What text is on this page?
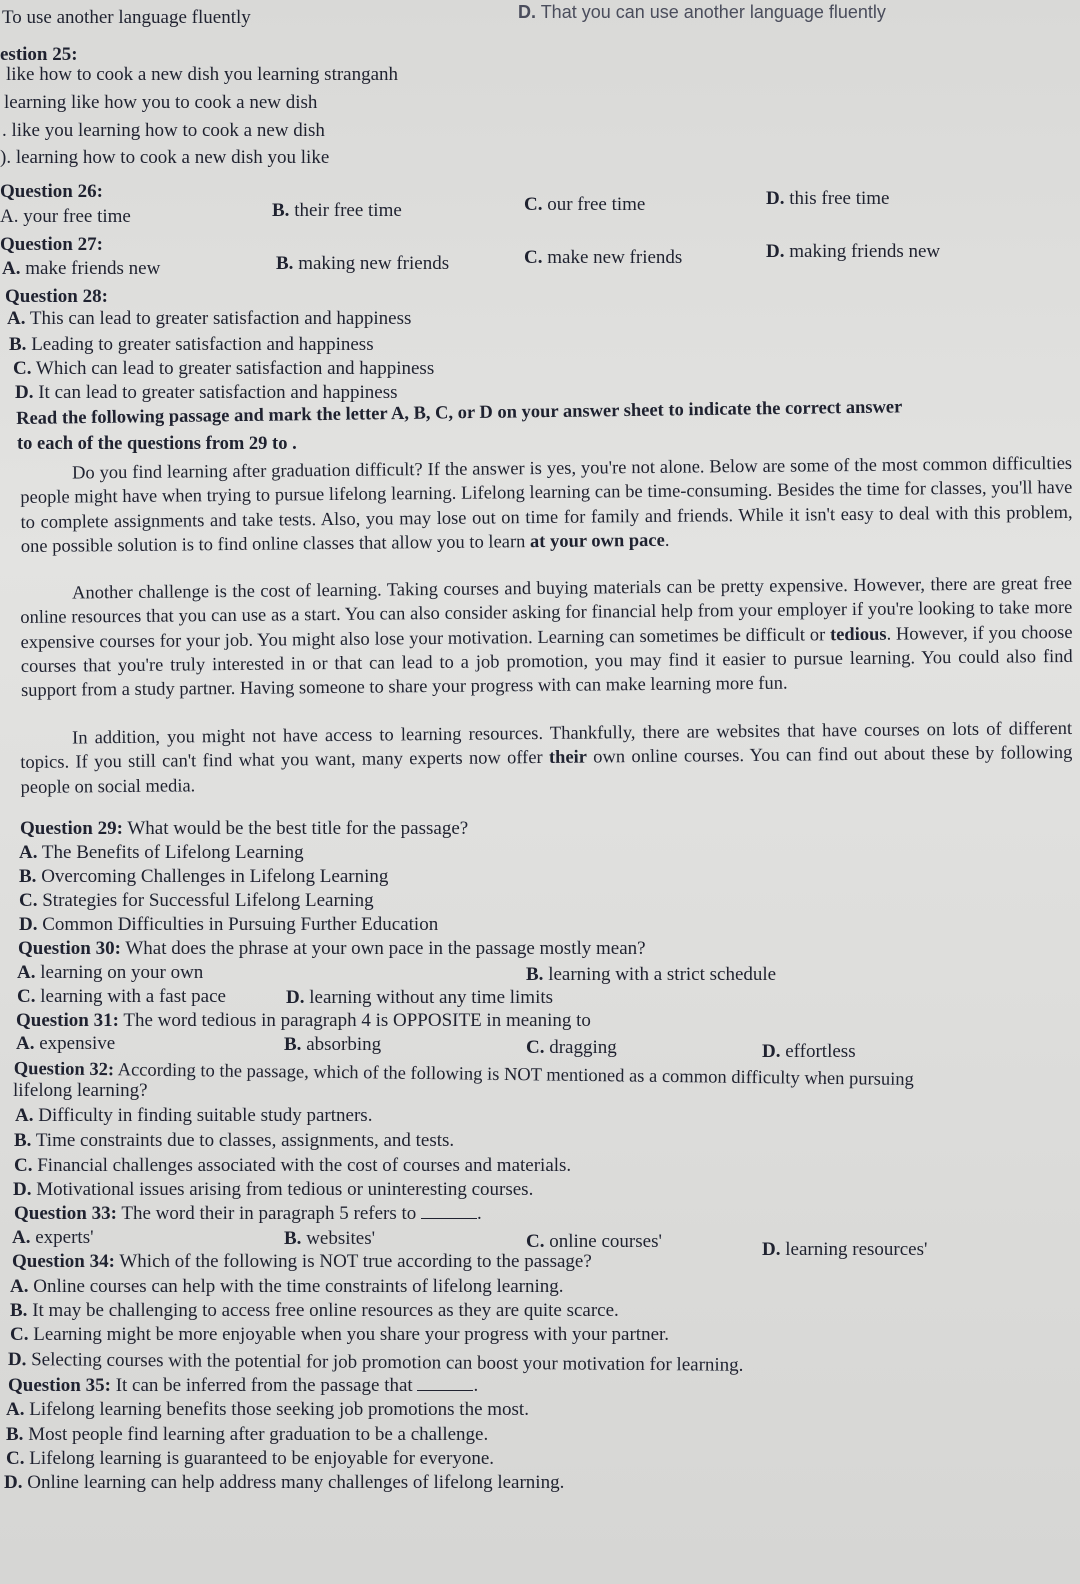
To use another language fluently	D. That you can use another language fluently
estion 25:
like how to cook a new dish you learning stranganh
learning like how you to cook a new dish
. like you learning how to cook a new dish
). learning how to cook a new dish you like
Question 26:
A. your free time	B. their free time	C. our free time	D. this free time
Question 27:
A. make friends new	B. making new friends	C. make new friends	D. making friends new
Question 28:
A. This can lead to greater satisfaction and happiness
B. Leading to greater satisfaction and happiness
C. Which can lead to greater satisfaction and happiness
D. It can lead to greater satisfaction and happiness
Read the following passage and mark the letter A, B, C, or D on your answer sheet to indicate the correct answer
to each of the questions from 29 to .
Do you find learning after graduation difficult? If the answer is yes, you're not alone. Below are some of the most common difficulties people might have when trying to pursue lifelong learning. Lifelong learning can be time-consuming. Besides the time for classes, you'll have to complete assignments and take tests. Also, you may lose out on time for family and friends. While it isn't easy to deal with this problem, one possible solution is to find online classes that allow you to learn at your own pace.
Another challenge is the cost of learning. Taking courses and buying materials can be pretty expensive. However, there are great free online resources that you can use as a start. You can also consider asking for financial help from your employer if you're looking to take more expensive courses for your job. You might also lose your motivation. Learning can sometimes be difficult or tedious. However, if you choose courses that you're truly interested in or that can lead to a job promotion, you may find it easier to pursue learning. You could also find support from a study partner. Having someone to share your progress with can make learning more fun.
In addition, you might not have access to learning resources. Thankfully, there are websites that have courses on lots of different topics. If you still can't find what you want, many experts now offer their own online courses. You can find out about these by following people on social media.
Question 29: What would be the best title for the passage?
A. The Benefits of Lifelong Learning
B. Overcoming Challenges in Lifelong Learning
C. Strategies for Successful Lifelong Learning
D. Common Difficulties in Pursuing Further Education
Question 30: What does the phrase at your own pace in the passage mostly mean?
A. learning on your own	B. learning with a strict schedule
C. learning with a fast pace	D. learning without any time limits
Question 31: The word tedious in paragraph 4 is OPPOSITE in meaning to
A. expensive	B. absorbing	C. dragging	D. effortless
Question 32: According to the passage, which of the following is NOT mentioned as a common difficulty when pursuing
lifelong learning?
A. Difficulty in finding suitable study partners.
B. Time constraints due to classes, assignments, and tests.
C. Financial challenges associated with the cost of courses and materials.
D. Motivational issues arising from tedious or uninteresting courses.
Question 33: The word their in paragraph 5 refers to	.
A. experts'	B. websites'	C. online courses'	D. learning resources'
Question 34: Which of the following is NOT true according to the passage?
A. Online courses can help with the time constraints of lifelong learning.
B. It may be challenging to access free online resources as they are quite scarce.
C. Learning might be more enjoyable when you share your progress with your partner.
D. Selecting courses with the potential for job promotion can boost your motivation for learning.
Question 35: It can be inferred from the passage that	.
A. Lifelong learning benefits those seeking job promotions the most.
B. Most people find learning after graduation to be a challenge.
C. Lifelong learning is guaranteed to be enjoyable for everyone.
D. Online learning can help address many challenges of lifelong learning.
